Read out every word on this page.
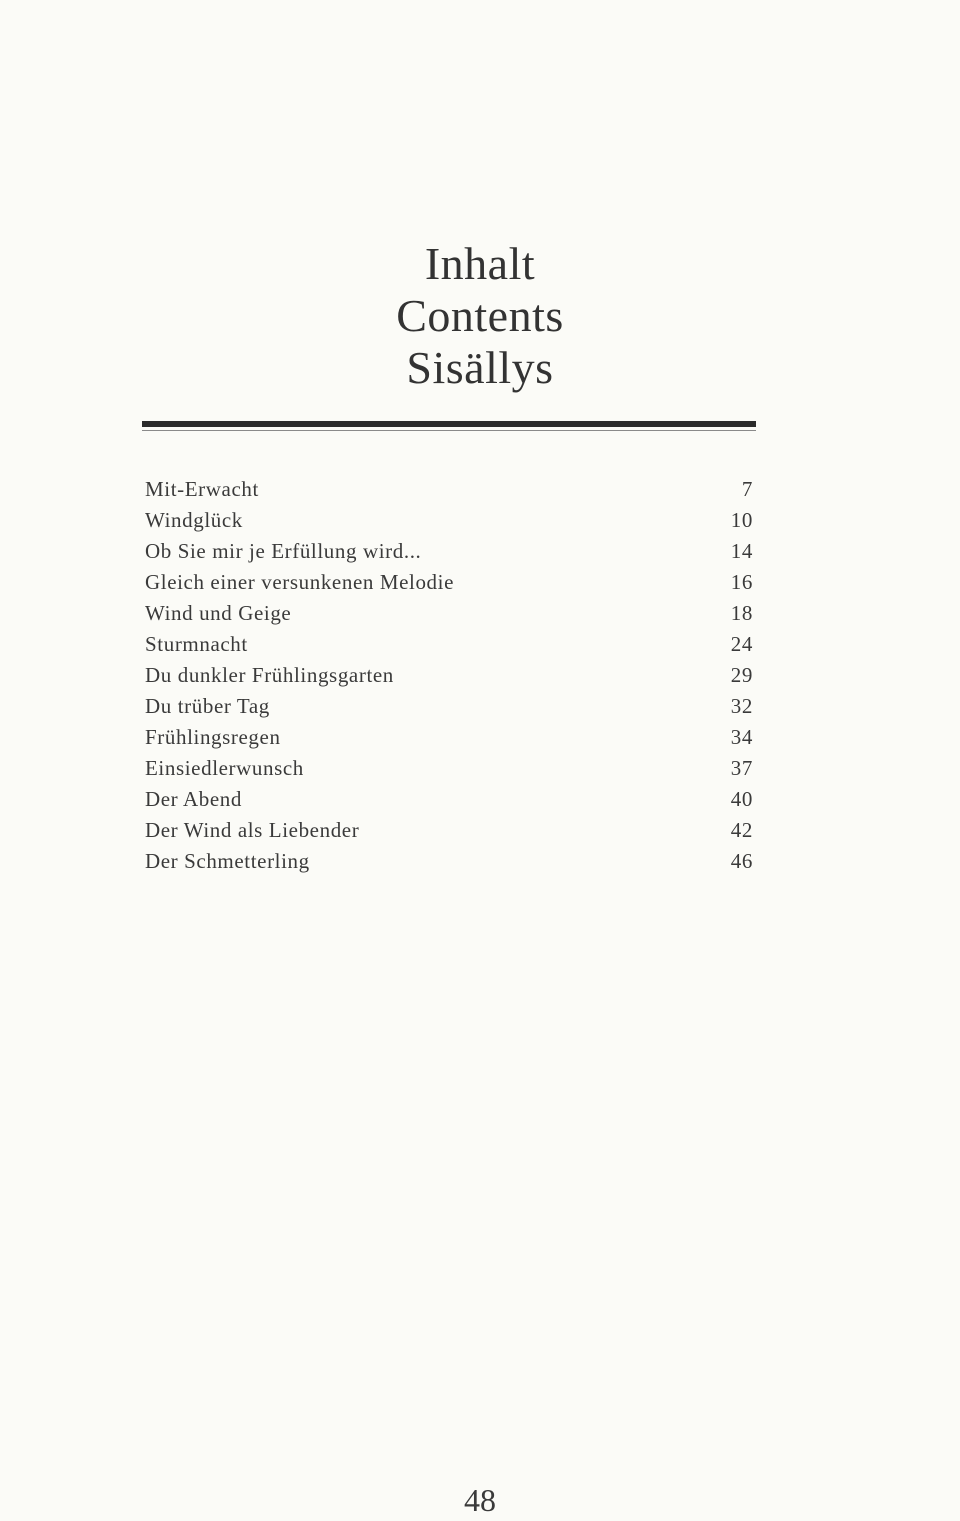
Inhalt
Contents
Sisällys
Mit-Erwacht	7
Windglück	10
Ob Sie mir je Erfüllung wird...	14
Gleich einer versunkenen Melodie	16
Wind und Geige	18
Sturmnacht	24
Du dunkler Frühlingsgarten	29
Du trüber Tag	32
Frühlingsregen	34
Einsiedlerwunsch	37
Der Abend	40
Der Wind als Liebender	42
Der Schmetterling	46
48
